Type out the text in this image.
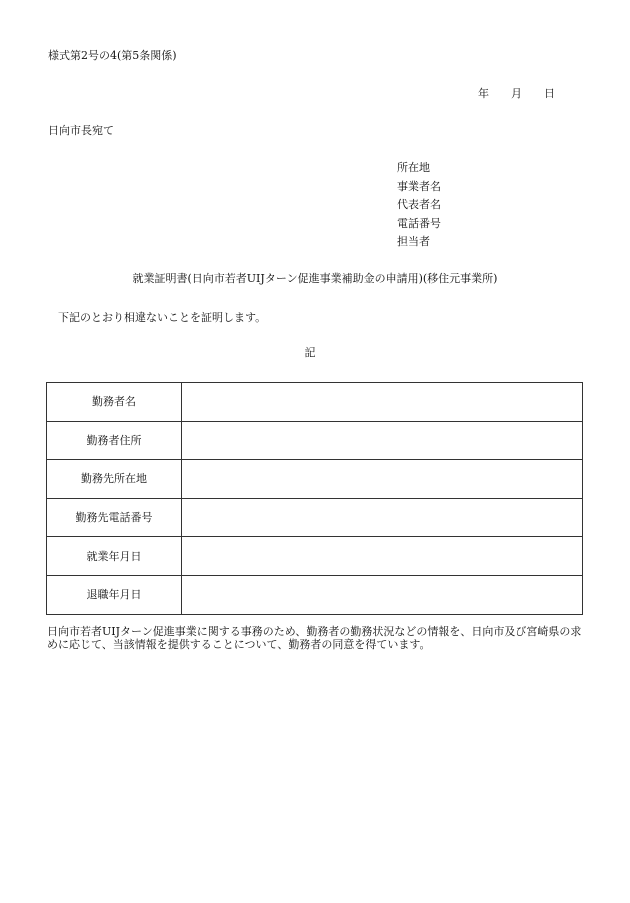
様式第2号の4(第5条関係)
年 月 日
日向市長宛て
所在地
事業者名
代表者名
電話番号
担当者
就業証明書(日向市若者UIJターン促進事業補助金の申請用)(移住元事業所)
下記のとおり相違ないことを証明します。
記
勤務者名	
勤務者住所	
勤務先所在地	
勤務先電話番号	
就業年月日	
退職年月日	
日向市若者UIJターン促進事業に関する事務のため、勤務者の勤務状況などの情報を、日向市及び宮崎県の求めに応じて、当該情報を提供することについて、勤務者の同意を得ています。
